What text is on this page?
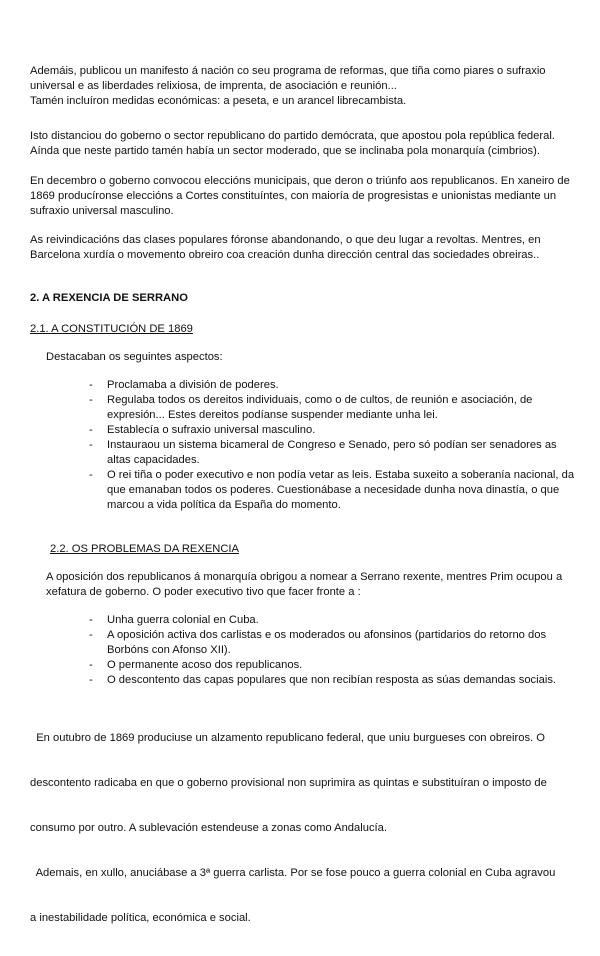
Ademáis, publicou un manifesto á nación co seu programa de reformas, que tiña como piares o sufraxio
universal e as liberdades relixiosa, de imprenta, de asociación e reunión...
Tamén incluíron medidas económicas: a peseta, e un arancel librecambista.

Isto distanciou do goberno o sector republicano do partido demócrata, que apostou pola república federal.
Aínda que neste partido tamén había un sector moderado, que se inclinaba pola monarquía (cimbrios).

En decembro o goberno convocou eleccións municipais, que deron o triúnfo aos republicanos. En xaneiro de
1869 producíronse eleccións a Cortes constituíntes, con maioría de progresistas e unionistas mediante un
sufraxio universal masculino.

As reivindicacións das clases populares fóronse abandonando, o que deu lugar a revoltas. Mentres, en
Barcelona xurdía o movemento obreiro coa creación dunha dirección central das sociedades obreiras..

2. A REXENCIA DE SERRANO
2.1. A CONSTITUCIÓN DE 1869
Destacaban os seguintes aspectos:
- Proclamaba a división de poderes.
- Regulaba todos os dereitos individuais, como o de cultos, de reunión e asociación, de
expresión... Estes dereitos podíanse suspender mediante unha lei.
- Establecía o sufraxio universal masculino.
- Instauraou un sistema bicameral de Congreso e Senado, pero só podían ser senadores as
altas capacidades.
- O rei tiña o poder executivo e non podía vetar as leis. Estaba suxeito a soberanía nacional, da
que emanaban todos os poderes. Cuestionábase a necesidade dunha nova dinastía, o que
marcou a vida política da España do momento.
2.2. OS PROBLEMAS DA REXENCIA

A oposición dos republicanos á monarquía obrigou a nomear a Serrano rexente, mentres Prim ocupou a
xefatura de goberno. O poder executivo tivo que facer fronte a :

- Unha guerra colonial en Cuba.
- A oposición activa dos carlistas e os moderados ou afonsinos (partidarios do retorno dos
Borbóns con Afonso XII).
- O permanente acoso dos republicanos.
- O descontento das capas populares que non recibían resposta as súas demandas sociais.

En outubro de 1869 produciuse un alzamento republicano federal, que uniu burgueses con obreiros. O

descontento radicaba en que o goberno provisional non suprimira as quintas e substituíran o imposto de

consumo por outro. A sublevación estendeuse a zonas como Andalucía.

Ademais, en xullo, anuciábase a 3ª guerra carlista. Por se fose pouco a guerra colonial en Cuba agravou

a inestabilidade política, económica e social.
